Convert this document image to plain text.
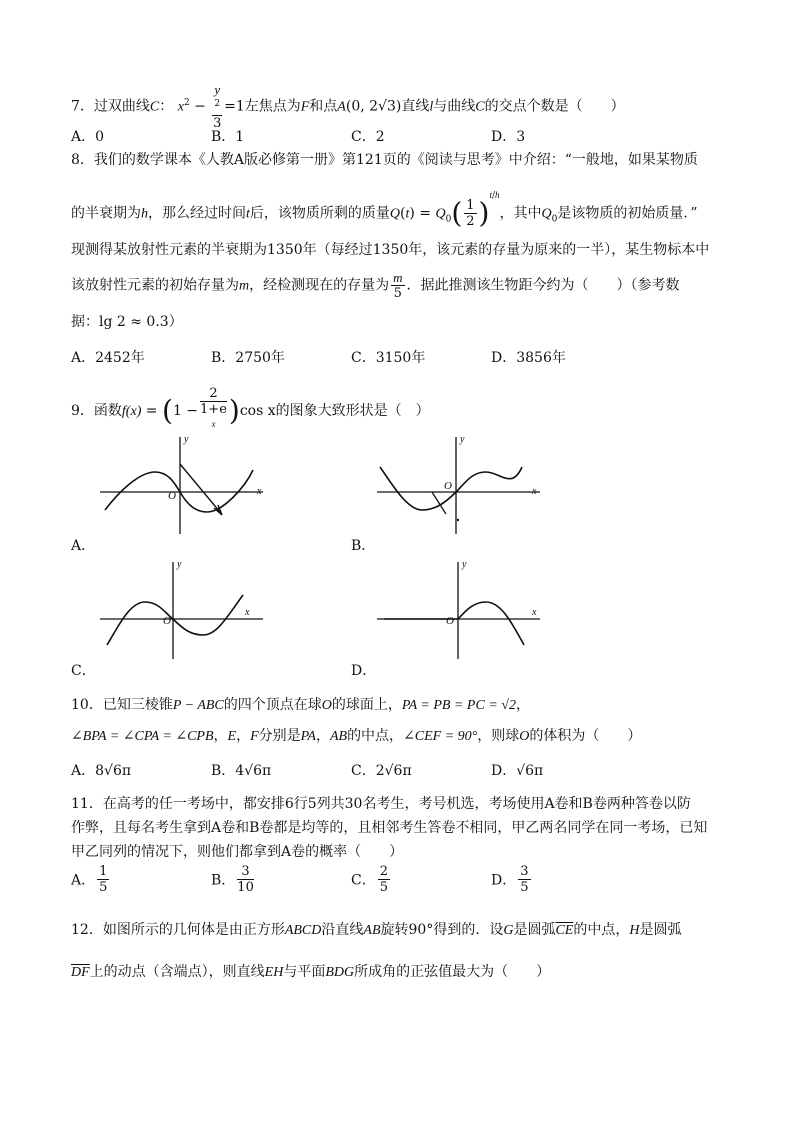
7．过双曲线C： $x^2 - y$
$^2$
3 =1左焦点为F和点A(0, 2√3)直线l与曲线C的交点个数是（　　）
A．0	B．1	C．2	D．3
8．我们的数学课本《人教A版必修第一册》第121页的《阅读与思考》中介绍：“一般地，如果某物质
的半衰期为h，那么经过时间t后，该物质所剩的质量$Q(t) = Q_0( \frac{1}{2} )^{t/h}$，其中$Q_0$是该物质的初始质量．”
现测得某放射性元素的半衰期为1350年（每经过1350年，该元素的存量为原来的一半），某生物标本中
该放射性元素的初始存量为m，经检测现在的存量为 $\frac{m}{5}$ ．据此推测该生物距今约为（　　）（参考数
据：lg 2 ≈ 0.3）
A．2452年	B．2750年	C．3150年	D．3856年
9．函数f(x) = (1 − 2
1+e
$^x$ )cos x的图象大致形状是（　）
O
y
x
A．
O
y
x
B．
O
y
x
C．
O
y
x
D．
10．已知三棱锥P − ABC的四个顶点在球O的球面上，PA = PB = PC = √2，
∠BPA = ∠CPA = ∠CPB，E，F分别是PA，AB的中点，∠CEF = 90°，则球O的体积为（　　）
A．8√6π	B．4√6π	C．2√6π	D．√6π
11．在高考的任一考场中，都安排6行5列共30名考生，考号机选，考场使用A卷和B卷两种答卷以防
作弊，且每名考生拿到A卷和B卷都是均等的，且相邻考生答卷不相同，甲乙两名同学在同一考场，已知
甲乙同列的情况下，则他们都拿到A卷的概率（　　）
A． $\frac{1}{5}$	B． $\frac{3}{10}$	C． $\frac{2}{5}$	D． $\frac{3}{5}$
12．如图所示的几何体是由正方形ABCD沿直线AB旋转90°得到的．设G是圆弧$\overline{CE}$的中点，H是圆弧
$\overline{DF}$上的动点（含端点），则直线EH与平面BDG所成角的正弦值最大为（　　）
